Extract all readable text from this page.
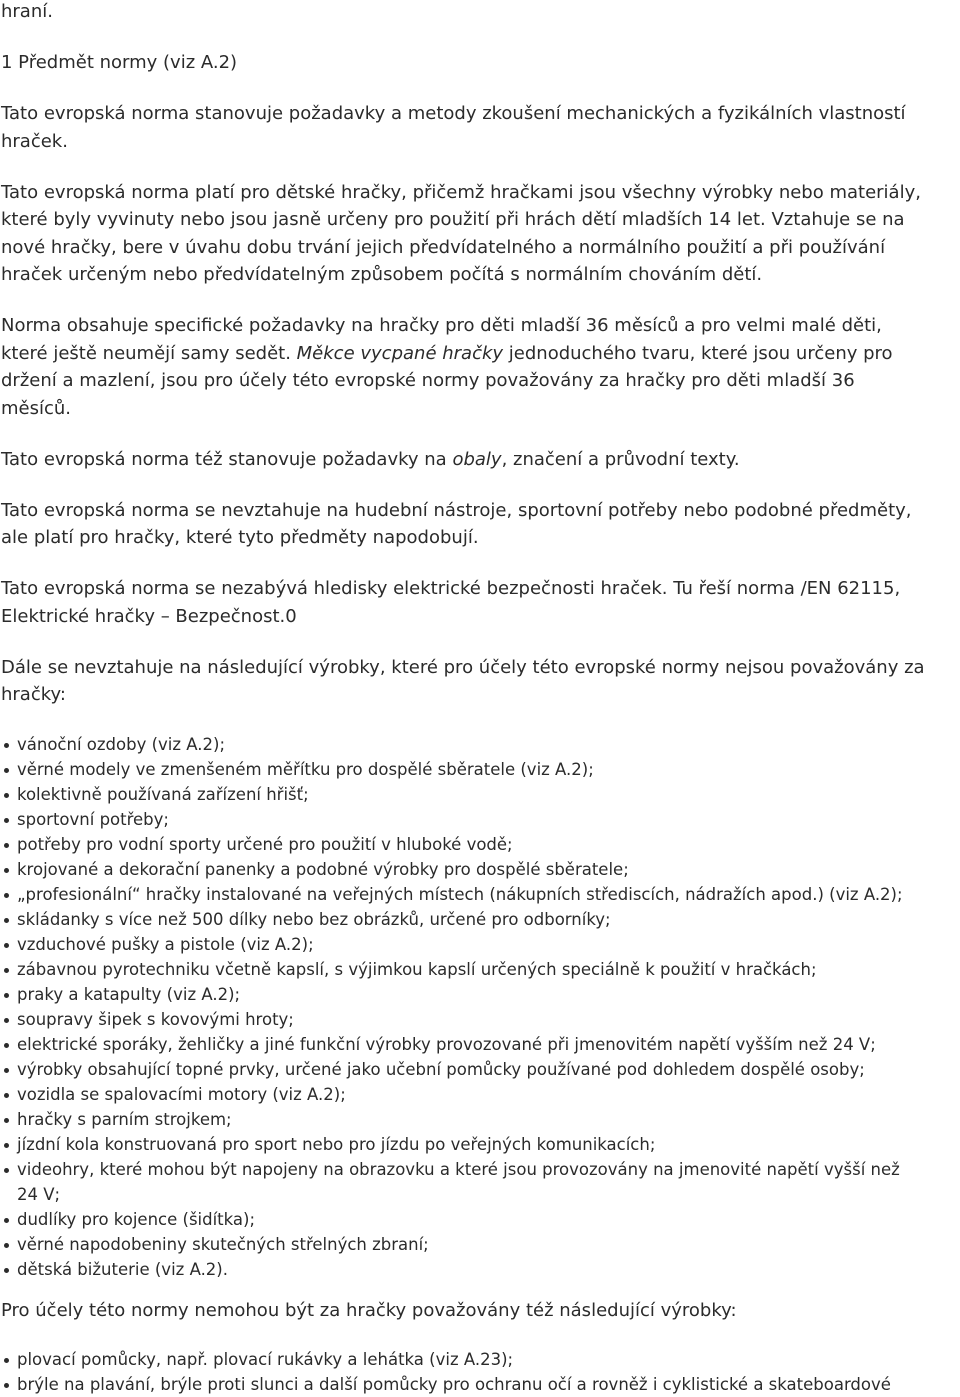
hraní.
1 Předmět normy (viz A.2)
Tato evropská norma stanovuje požadavky a metody zkoušení mechanických a fyzikálních vlastností
hraček.
Tato evropská norma platí pro dětské hračky, přičemž hračkami jsou všechny výrobky nebo materiály,
které byly vyvinuty nebo jsou jasně určeny pro použití při hrách dětí mladších 14 let. Vztahuje se na
nové hračky, bere v úvahu dobu trvání jejich předvídatelného a normálního použití a při používání
hraček určeným nebo předvídatelným způsobem počítá s normálním chováním dětí.
Norma obsahuje specifické požadavky na hračky pro děti mladší 36 měsíců a pro velmi malé děti,
které ještě neumějí samy sedět. Měkce vycpané hračky jednoduchého tvaru, které jsou určeny pro
držení a mazlení, jsou pro účely této evropské normy považovány za hračky pro děti mladší 36
měsíců.
Tato evropská norma též stanovuje požadavky na obaly, značení a průvodní texty.
Tato evropská norma se nevztahuje na hudební nástroje, sportovní potřeby nebo podobné předměty,
ale platí pro hračky, které tyto předměty napodobují.
Tato evropská norma se nezabývá hledisky elektrické bezpečnosti hraček. Tu řeší norma /EN 62115,
Elektrické hračky – Bezpečnost.0
Dále se nevztahuje na následující výrobky, které pro účely této evropské normy nejsou považovány za
hračky:
vánoční ozdoby (viz A.2);
věrné modely ve zmenšeném měřítku pro dospělé sběratele (viz A.2);
kolektivně používaná zařízení hřišť;
sportovní potřeby;
potřeby pro vodní sporty určené pro použití v hluboké vodě;
krojované a dekorační panenky a podobné výrobky pro dospělé sběratele;
„profesionální“ hračky instalované na veřejných místech (nákupních střediscích, nádražích apod.) (viz A.2);
skládanky s více než 500 dílky nebo bez obrázků, určené pro odborníky;
vzduchové pušky a pistole (viz A.2);
zábavnou pyrotechniku včetně kapslí, s výjimkou kapslí určených speciálně k použití v hračkách;
praky a katapulty (viz A.2);
soupravy šipek s kovovými hroty;
elektrické sporáky, žehličky a jiné funkční výrobky provozované při jmenovitém napětí vyšším než 24 V;
výrobky obsahující topné prvky, určené jako učební pomůcky používané pod dohledem dospělé osoby;
vozidla se spalovacími motory (viz A.2);
hračky s parním strojkem;
jízdní kola konstruovaná pro sport nebo pro jízdu po veřejných komunikacích;
videohry, které mohou být napojeny na obrazovku a které jsou provozovány na jmenovité napětí vyšší než
24 V;
dudlíky pro kojence (šidítka);
věrné napodobeniny skutečných střelných zbraní;
dětská bižuterie (viz A.2).
Pro účely této normy nemohou být za hračky považovány též následující výrobky:
plovací pomůcky, např. plovací rukávky a lehátka (viz A.23);
brýle na plavání, brýle proti slunci a další pomůcky pro ochranu očí a rovněž i cyklistické a skateboardové
